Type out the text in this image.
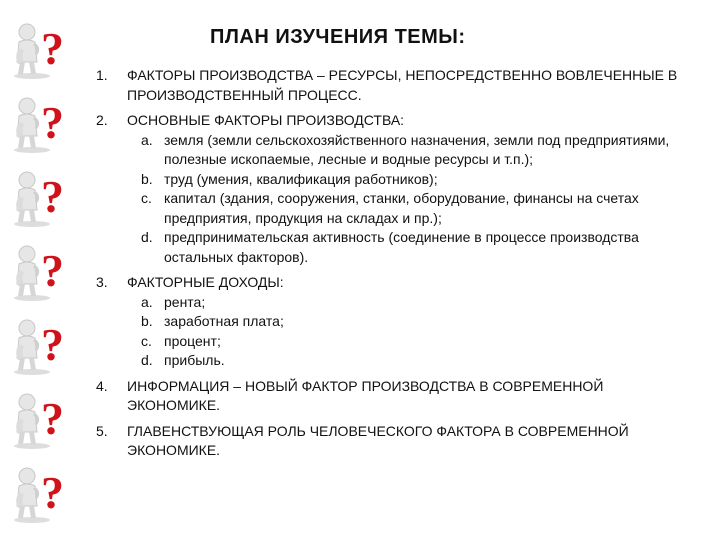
?
?
?
?
?
?
?
ПЛАН ИЗУЧЕНИЯ ТЕМЫ:
1. ФАКТОРЫ ПРОИЗВОДСТВА – РЕСУРСЫ, НЕПОСРЕДСТВЕННО ВОВЛЕЧЕННЫЕ В ПРОИЗВОДСТВЕННЫЙ ПРОЦЕСС.
2. ОСНОВНЫЕ ФАКТОРЫ ПРОИЗВОДСТВА:
a. земля (земли сельскохозяйственного назначения, земли под предприятиями, полезные ископаемые, лесные и водные ресурсы и т.п.);
b. труд (умения, квалификация работников);
c. капитал (здания, сооружения, станки, оборудование, финансы на счетах предприятия, продукция на складах и пр.);
d. предпринимательская активность (соединение в процессе производства остальных факторов).
3. ФАКТОРНЫЕ ДОХОДЫ:
a. рента;
b. заработная плата;
c. процент;
d. прибыль.
4. ИНФОРМАЦИЯ – НОВЫЙ ФАКТОР ПРОИЗВОДСТВА В СОВРЕМЕННОЙ ЭКОНОМИКЕ.
5. ГЛАВЕНСТВУЮЩАЯ РОЛЬ ЧЕЛОВЕЧЕСКОГО ФАКТОРА В СОВРЕМЕННОЙ ЭКОНОМИКЕ.
